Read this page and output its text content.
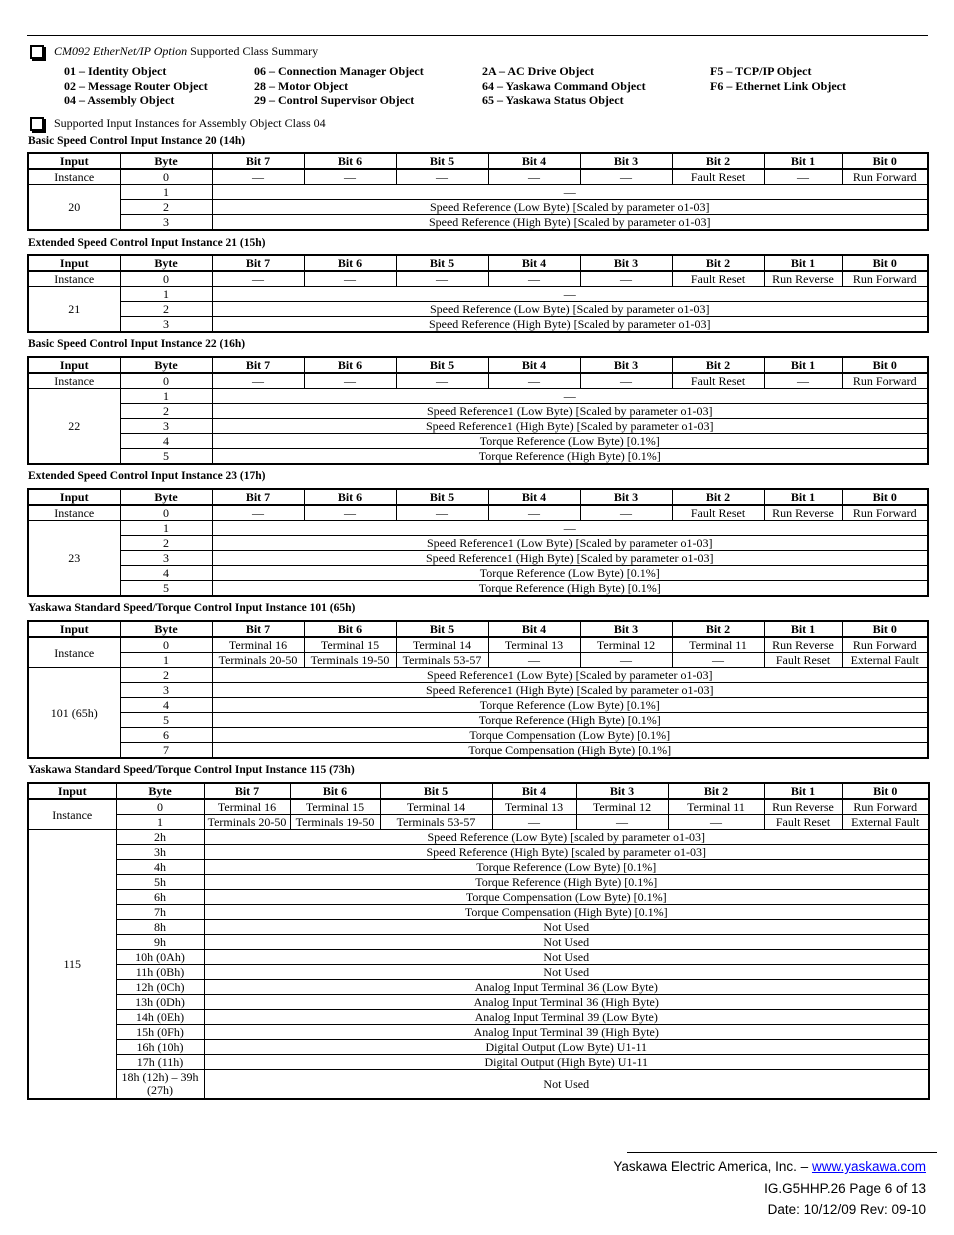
CM092 EtherNet/IP Option Supported Class Summary
01 – Identity Object
02 – Message Router Object
04 – Assembly Object
06 – Connection Manager Object
28 – Motor Object
29 – Control Supervisor Object
2A – AC Drive Object
64 – Yaskawa Command Object
65 – Yaskawa Status Object
F5 – TCP/IP Object
F6 – Ethernet Link Object
Supported Input Instances for Assembly Object Class 04
Basic Speed Control Input Instance 20 (14h)
Input	Byte	Bit 7	Bit 6	Bit 5	Bit 4	Bit 3	Bit 2	Bit 1	Bit 0
Instance	0	—	—	—	—	—	Fault Reset	—	Run Forward
20	1	—							
	2	Speed Reference (Low Byte) [Scaled by parameter o1-03]							
	3	Speed Reference (High Byte) [Scaled by parameter o1-03]							
Extended Speed Control Input Instance 21 (15h)
Input	Byte	Bit 7	Bit 6	Bit 5	Bit 4	Bit 3	Bit 2	Bit 1	Bit 0
Instance	0	—	—	—	—	—	Fault Reset	Run Reverse	Run Forward
21	1	—							
	2	Speed Reference (Low Byte) [Scaled by parameter o1-03]							
	3	Speed Reference (High Byte) [Scaled by parameter o1-03]							
Basic Speed Control Input Instance 22 (16h)
Input	Byte	Bit 7	Bit 6	Bit 5	Bit 4	Bit 3	Bit 2	Bit 1	Bit 0
Instance	0	—	—	—	—	—	Fault Reset	—	Run Forward
22	1	—							
	2	Speed Reference1 (Low Byte) [Scaled by parameter o1-03]							
	3	Speed Reference1 (High Byte) [Scaled by parameter o1-03]							
	4	Torque Reference (Low Byte) [0.1%]							
	5	Torque Reference (High Byte) [0.1%]							
Extended Speed Control Input Instance 23 (17h)
Input	Byte	Bit 7	Bit 6	Bit 5	Bit 4	Bit 3	Bit 2	Bit 1	Bit 0
Instance	0	—	—	—	—	—	Fault Reset	Run Reverse	Run Forward
23	1	—							
	2	Speed Reference1 (Low Byte) [Scaled by parameter o1-03]							
	3	Speed Reference1 (High Byte) [Scaled by parameter o1-03]							
	4	Torque Reference (Low Byte) [0.1%]							
	5	Torque Reference (High Byte) [0.1%]							
Yaskawa Standard Speed/Torque Control Input Instance 101 (65h)
Input	Byte	Bit 7	Bit 6	Bit 5	Bit 4	Bit 3	Bit 2	Bit 1	Bit 0
Instance	0	Terminal 16	Terminal 15	Terminal 14	Terminal 13	Terminal 12	Terminal 11	Run Reverse	Run Forward
	1	Terminals 20-50	Terminals 19-50	Terminals 53-57	—	—	—	Fault Reset	External Fault
101 (65h)	2	Speed Reference1 (Low Byte) [Scaled by parameter o1-03]							
	3	Speed Reference1 (High Byte) [Scaled by parameter o1-03]							
	4	Torque Reference (Low Byte) [0.1%]							
	5	Torque Reference (High Byte) [0.1%]							
	6	Torque Compensation (Low Byte) [0.1%]							
	7	Torque Compensation (High Byte) [0.1%]							
Yaskawa Standard Speed/Torque Control Input Instance 115 (73h)
Input	Byte	Bit 7	Bit 6	Bit 5	Bit 4	Bit 3	Bit 2	Bit 1	Bit 0
Instance	0	Terminal 16	Terminal 15	Terminal 14	Terminal 13	Terminal 12	Terminal 11	Run Reverse	Run Forward
	1	Terminals 20-50	Terminals 19-50	Terminals 53-57	—	—	—	Fault Reset	External Fault
115	2h	Speed Reference (Low Byte) [scaled by parameter o1-03]							
	3h	Speed Reference (High Byte) [scaled by parameter o1-03]							
	4h	Torque Reference (Low Byte) [0.1%]							
	5h	Torque Reference (High Byte) [0.1%]							
	6h	Torque Compensation (Low Byte) [0.1%]							
	7h	Torque Compensation (High Byte) [0.1%]							
	8h	Not Used							
	9h	Not Used							
	10h (0Ah)	Not Used							
	11h (0Bh)	Not Used							
	12h (0Ch)	Analog Input Terminal 36 (Low Byte)							
	13h (0Dh)	Analog Input Terminal 36 (High Byte)							
	14h (0Eh)	Analog Input Terminal 39 (Low Byte)							
	15h (0Fh)	Analog Input Terminal 39 (High Byte)							
	16h (10h)	Digital Output (Low Byte) U1-11							
	17h (11h)	Digital Output (High Byte) U1-11							
	18h (12h) – 39h (27h)	Not Used							
Yaskawa Electric America, Inc. – www.yaskawa.com
IG.G5HHP.26 Page 6 of 13
Date: 10/12/09 Rev: 09-10
